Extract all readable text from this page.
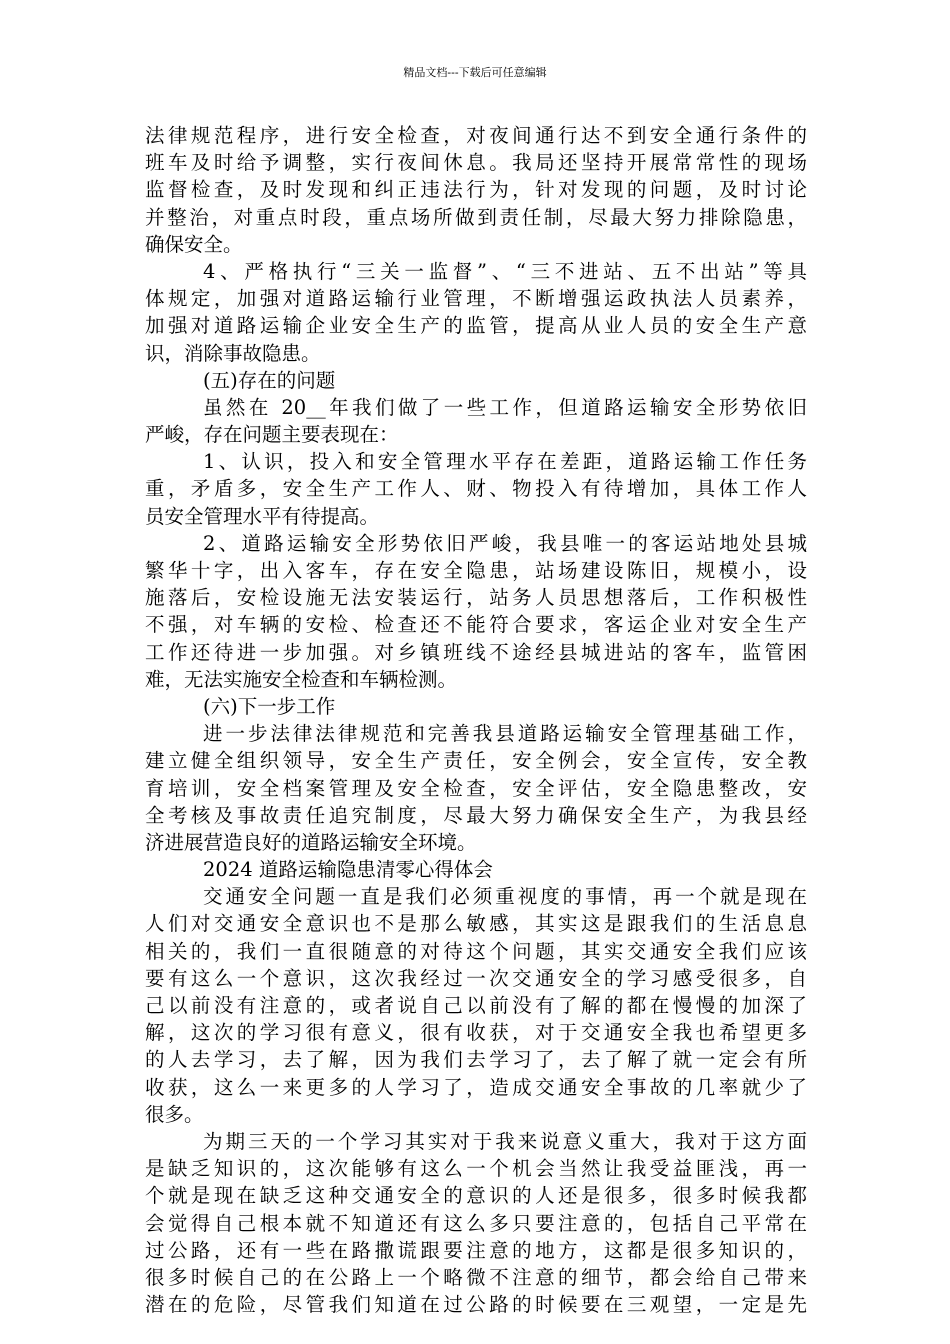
精品文档---下载后可任意编辑
法律规范程序，进行安全检查，对夜间通行达不到安全通行条件的
班车及时给予调整，实行夜间休息。我局还坚持开展常常性的现场
监督检查，及时发现和纠正违法行为，针对发现的问题，及时讨论
并整治，对重点时段，重点场所做到责任制，尽最大努力排除隐患，
确保安全。
4、严格执行“三关一监督”、“三不进站、五不出站”等具
体规定，加强对道路运输行业管理，不断增强运政执法人员素养，
加强对道路运输企业安全生产的监管，提高从业人员的安全生产意
识，消除事故隐患。
(五)存在的问题
虽然在 20__年我们做了一些工作，但道路运输安全形势依旧
严峻，存在问题主要表现在：
1、认识，投入和安全管理水平存在差距，道路运输工作任务
重，矛盾多，安全生产工作人、财、物投入有待增加，具体工作人
员安全管理水平有待提高。
2、道路运输安全形势依旧严峻，我县唯一的客运站地处县城
繁华十字，出入客车，存在安全隐患，站场建设陈旧，规模小，设
施落后，安检设施无法安装运行，站务人员思想落后，工作积极性
不强，对车辆的安检、检查还不能符合要求，客运企业对安全生产
工作还待进一步加强。对乡镇班线不途经县城进站的客车，监管困
难，无法实施安全检查和车辆检测。
(六)下一步工作
进一步法律法律规范和完善我县道路运输安全管理基础工作，
建立健全组织领导，安全生产责任，安全例会，安全宣传，安全教
育培训，安全档案管理及安全检查，安全评估，安全隐患整改，安
全考核及事故责任追究制度，尽最大努力确保安全生产，为我县经
济进展营造良好的道路运输安全环境。
2024 道路运输隐患清零心得体会
交通安全问题一直是我们必须重视度的事情，再一个就是现在
人们对交通安全意识也不是那么敏感，其实这是跟我们的生活息息
相关的，我们一直很随意的对待这个问题，其实交通安全我们应该
要有这么一个意识，这次我经过一次交通安全的学习感受很多，自
己以前没有注意的，或者说自己以前没有了解的都在慢慢的加深了
解，这次的学习很有意义，很有收获，对于交通安全我也希望更多
的人去学习，去了解，因为我们去学习了，去了解了就一定会有所
收获，这么一来更多的人学习了，造成交通安全事故的几率就少了
很多。
为期三天的一个学习其实对于我来说意义重大，我对于这方面
是缺乏知识的，这次能够有这么一个机会当然让我受益匪浅，再一
个就是现在缺乏这种交通安全的意识的人还是很多，很多时候我都
会觉得自己根本就不知道还有这么多只要注意的，包括自己平常在
过公路，还有一些在路撒谎跟要注意的地方，这都是很多知识的，
很多时候自己的在公路上一个略微不注意的细节，都会给自己带来
潜在的危险，尽管我们知道在过公路的时候要在三观望，一定是先
